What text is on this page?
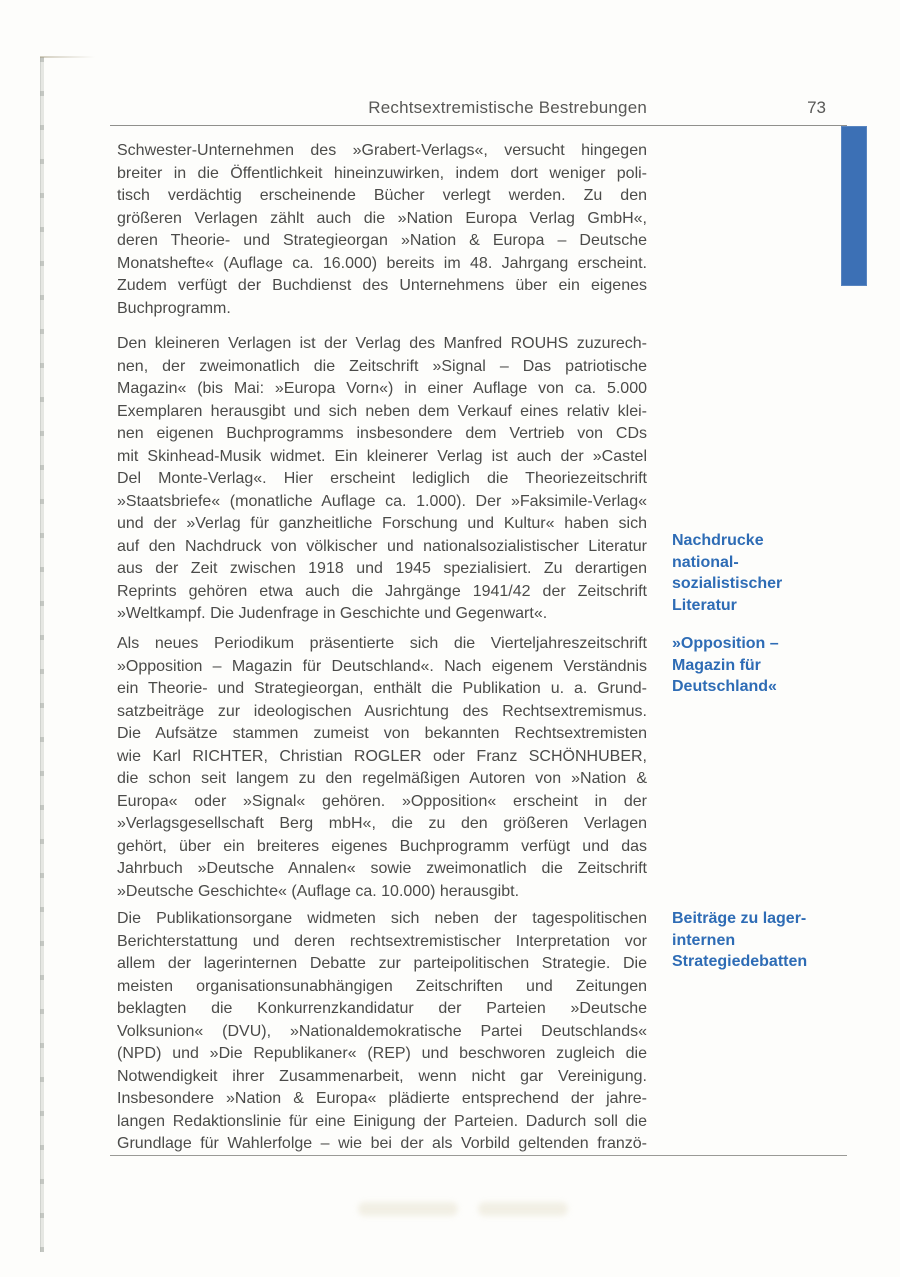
Rechtsextremistische Bestrebungen	73
Schwester-Unternehmen des »Grabert-Verlags«, versucht hingegen
breiter in die Öffentlichkeit hineinzuwirken, indem dort weniger poli-
tisch verdächtig erscheinende Bücher verlegt werden. Zu den
größeren Verlagen zählt auch die »Nation Europa Verlag GmbH«,
deren Theorie- und Strategieorgan »Nation & Europa – Deutsche
Monatshefte« (Auflage ca. 16.000) bereits im 48. Jahrgang erscheint.
Zudem verfügt der Buchdienst des Unternehmens über ein eigenes
Buchprogramm.
Den kleineren Verlagen ist der Verlag des Manfred ROUHS zuzurech-
nen, der zweimonatlich die Zeitschrift »Signal – Das patriotische
Magazin« (bis Mai: »Europa Vorn«) in einer Auflage von ca. 5.000
Exemplaren herausgibt und sich neben dem Verkauf eines relativ klei-
nen eigenen Buchprogramms insbesondere dem Vertrieb von CDs
mit Skinhead-Musik widmet. Ein kleinerer Verlag ist auch der »Castel
Del Monte-Verlag«. Hier erscheint lediglich die Theoriezeitschrift
»Staatsbriefe« (monatliche Auflage ca. 1.000). Der »Faksimile-Verlag«
und der »Verlag für ganzheitliche Forschung und Kultur« haben sich
auf den Nachdruck von völkischer und nationalsozialistischer Literatur
aus der Zeit zwischen 1918 und 1945 spezialisiert. Zu derartigen
Reprints gehören etwa auch die Jahrgänge 1941/42 der Zeitschrift
»Weltkampf. Die Judenfrage in Geschichte und Gegenwart«.
Als neues Periodikum präsentierte sich die Vierteljahreszeitschrift
»Opposition – Magazin für Deutschland«. Nach eigenem Verständnis
ein Theorie- und Strategieorgan, enthält die Publikation u. a. Grund-
satzbeiträge zur ideologischen Ausrichtung des Rechtsextremismus.
Die Aufsätze stammen zumeist von bekannten Rechtsextremisten
wie Karl RICHTER, Christian ROGLER oder Franz SCHÖNHUBER,
die schon seit langem zu den regelmäßigen Autoren von »Nation &
Europa« oder »Signal« gehören. »Opposition« erscheint in der
»Verlagsgesellschaft Berg mbH«, die zu den größeren Verlagen
gehört, über ein breiteres eigenes Buchprogramm verfügt und das
Jahrbuch »Deutsche Annalen« sowie zweimonatlich die Zeitschrift
»Deutsche Geschichte« (Auflage ca. 10.000) herausgibt.
Die Publikationsorgane widmeten sich neben der tagespolitischen
Berichterstattung und deren rechtsextremistischer Interpretation vor
allem der lagerinternen Debatte zur parteipolitischen Strategie. Die
meisten organisationsunabhängigen Zeitschriften und Zeitungen
beklagten die Konkurrenzkandidatur der Parteien »Deutsche
Volksunion« (DVU), »Nationaldemokratische Partei Deutschlands«
(NPD) und »Die Republikaner« (REP) und beschworen zugleich die
Notwendigkeit ihrer Zusammenarbeit, wenn nicht gar Vereinigung.
Insbesondere »Nation & Europa« plädierte entsprechend der jahre-
langen Redaktionslinie für eine Einigung der Parteien. Dadurch soll die
Grundlage für Wahlerfolge – wie bei der als Vorbild geltenden franzö-
Nachdrucke
national-
sozialistischer
Literatur
»Opposition –
Magazin für
Deutschland«
Beiträge zu lager-
internen
Strategiedebatten
